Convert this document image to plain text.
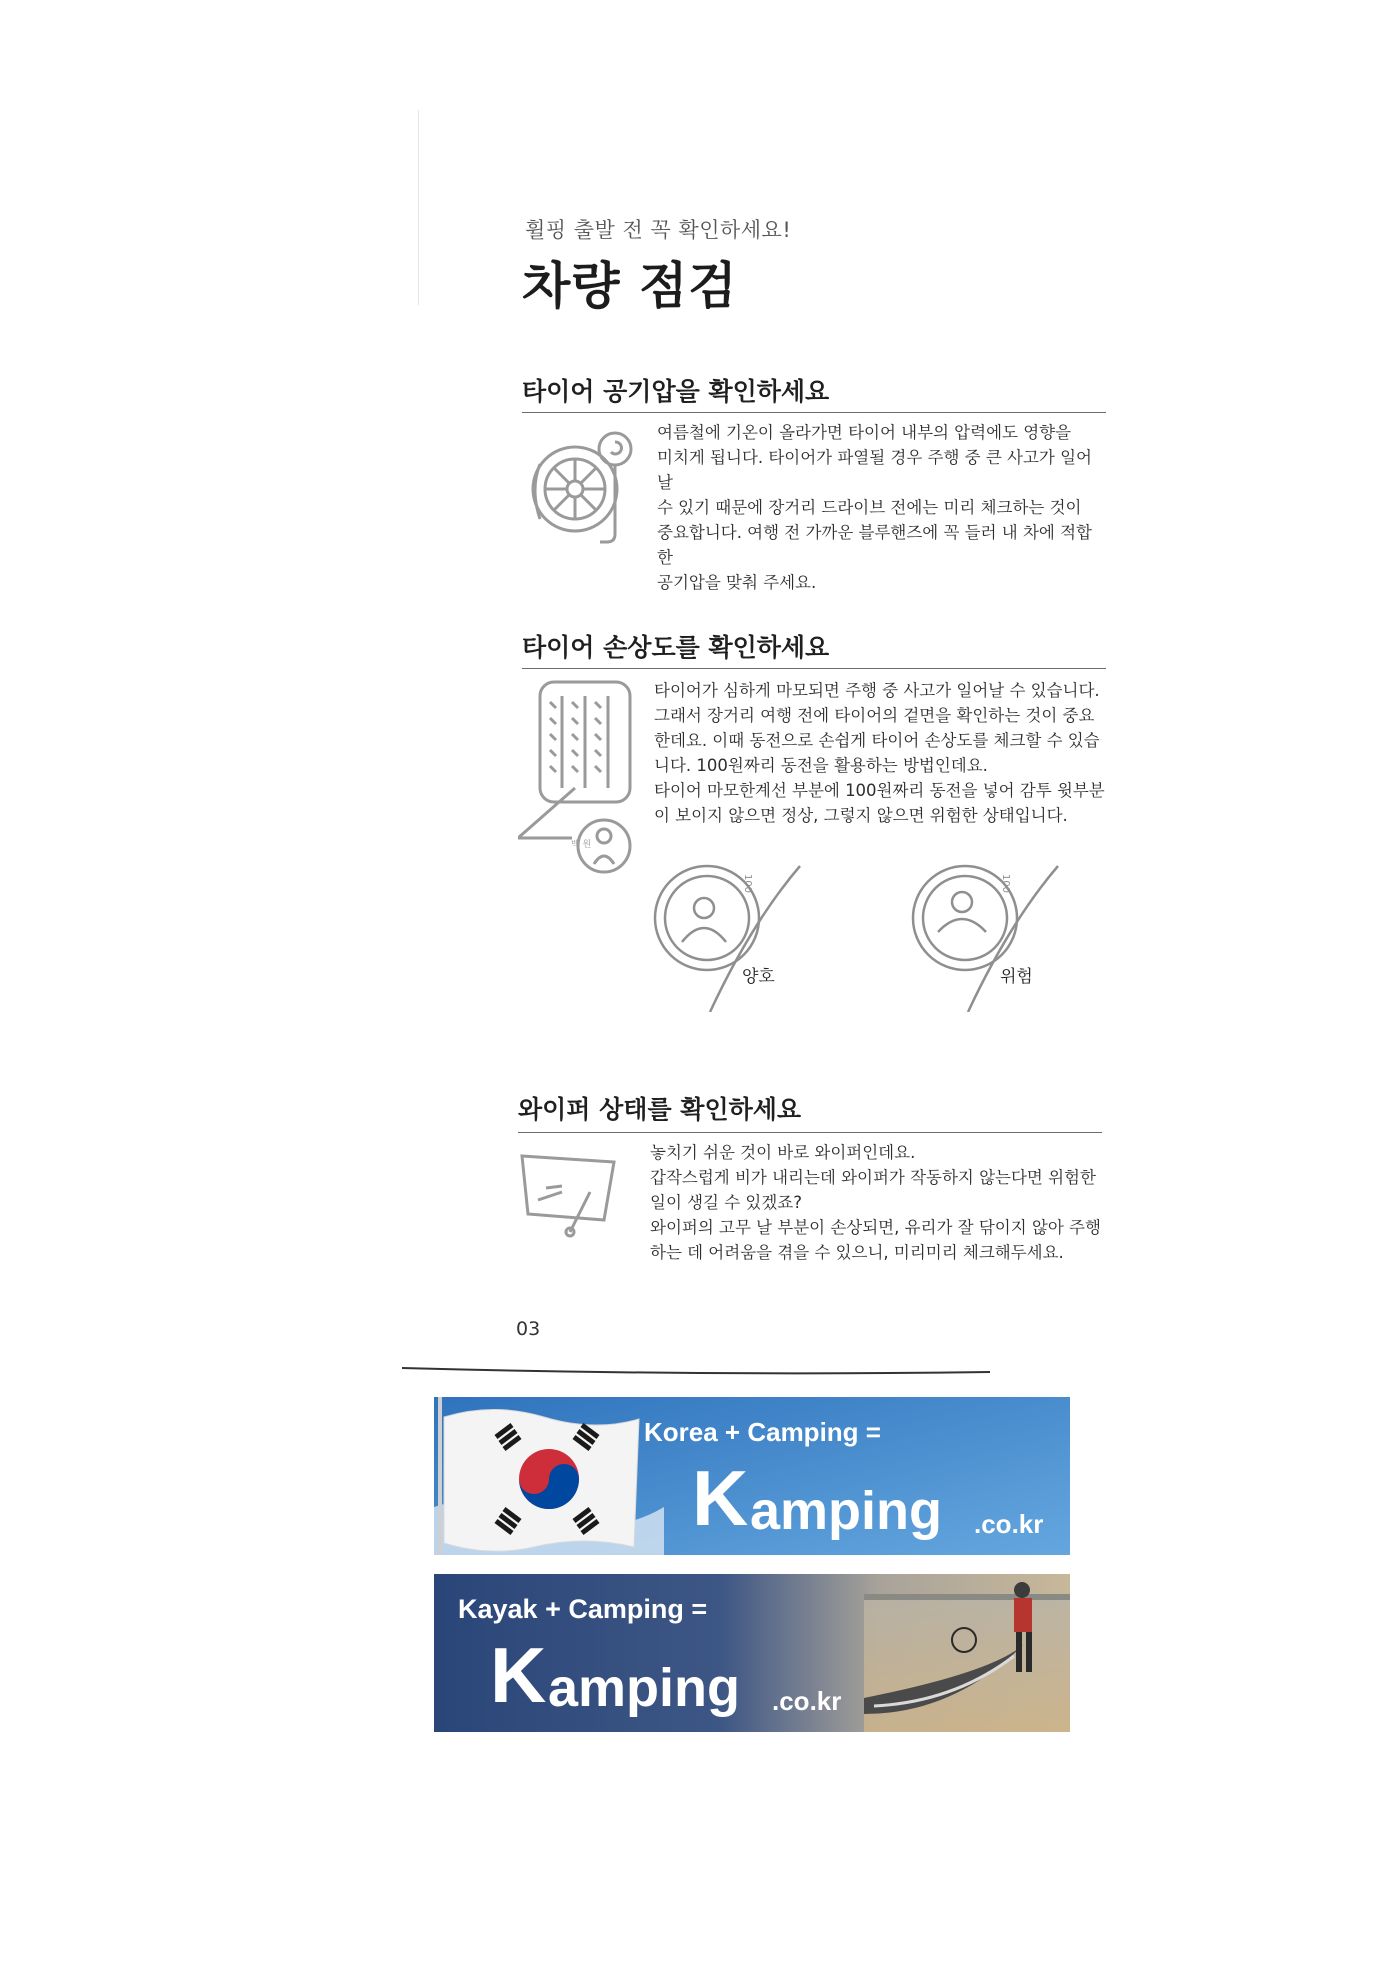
휠핑 출발 전 꼭 확인하세요!
차량 점검
타이어 공기압을 확인하세요

여름철에 기온이 올라가면 타이어 내부의 압력에도 영향을

미치게 됩니다. 타이어가 파열될 경우 주행 중 큰 사고가 일어날

수 있기 때문에 장거리 드라이브 전에는 미리 체크하는 것이

중요합니다. 여행 전 가까운 블루핸즈에 꼭 들러 내 차에 적합한

공기압을 맞춰 주세요.

타이어 손상도를 확인하세요
백 원

타이어가 심하게 마모되면 주행 중 사고가 일어날 수 있습니다.

그래서 장거리 여행 전에 타이어의 겉면을 확인하는 것이 중요

한데요. 이때 동전으로 손쉽게 타이어 손상도를 체크할 수 있습

니다. 100원짜리 동전을 활용하는 방법인데요.

타이어 마모한계선 부분에 100원짜리 동전을 넣어 감투 윗부분

이 보이지 않으면 정상, 그렇지 않으면 위험한 상태입니다.

100
양호
100
위험
와이퍼 상태를 확인하세요

놓치기 쉬운 것이 바로 와이퍼인데요.

갑작스럽게 비가 내리는데 와이퍼가 작동하지 않는다면 위험한

일이 생길 수 있겠죠?

와이퍼의 고무 날 부분이 손상되면, 유리가 잘 닦이지 않아 주행

하는 데 어려움을 겪을 수 있으니, 미리미리 체크해두세요.

03
Korea + Camping =
K amping .co.kr
Kayak + Camping =
K amping .co.kr
